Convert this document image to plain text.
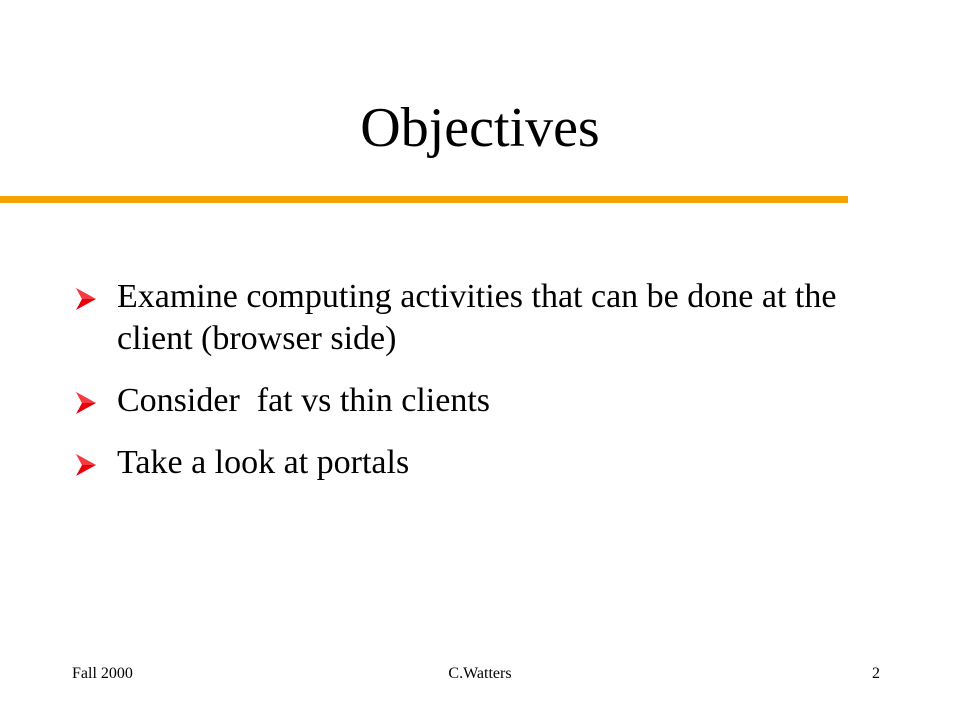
Objectives
Examine computing activities that can be done at the client (browser side)
Consider  fat vs thin clients
Take a look at portals
Fall 2000	C.Watters	2
